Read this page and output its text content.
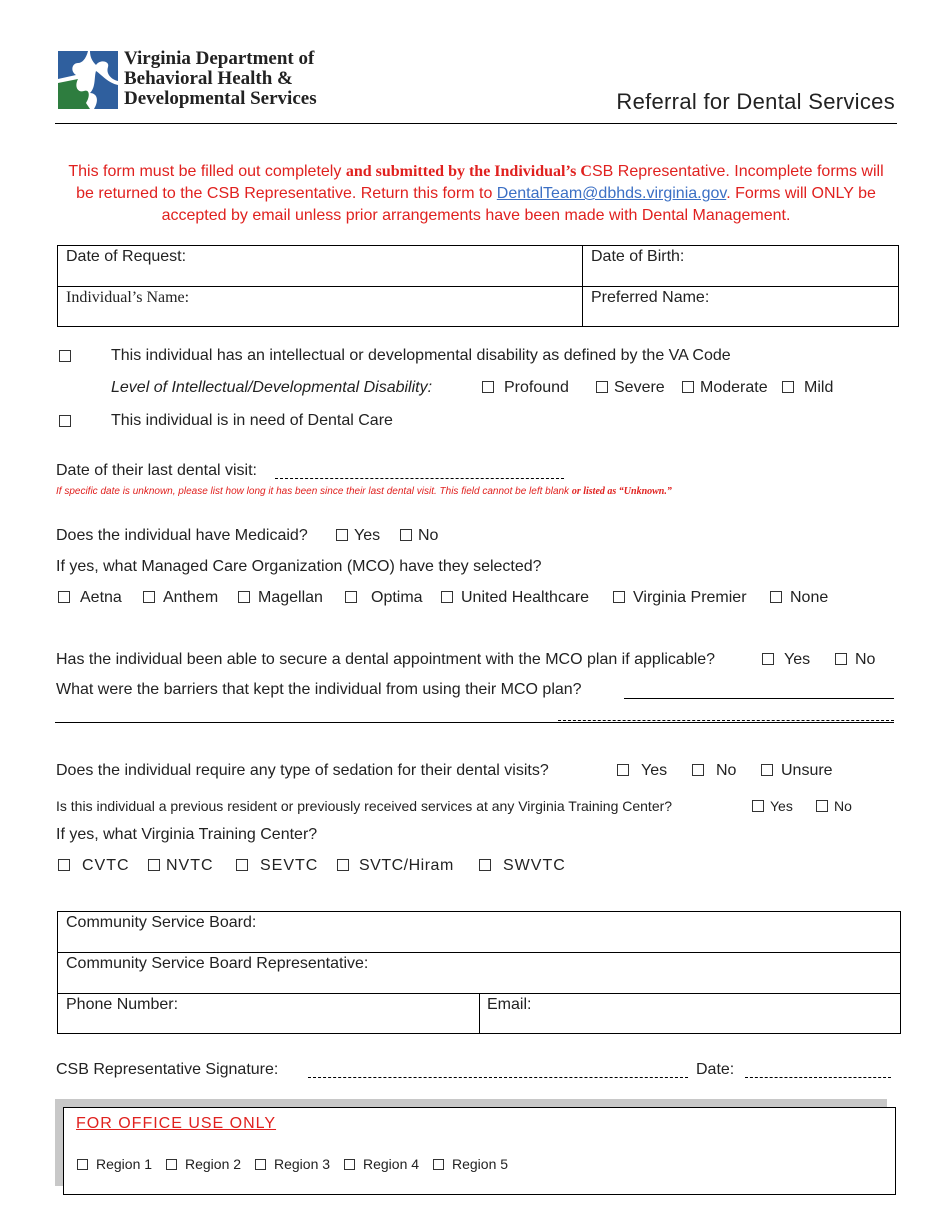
Virginia Department of
Behavioral Health &
Developmental Services	Referral for Dental Services
This form must be filled out completely and submitted by the Individual’s CSB Representative. Incomplete forms will be returned to the CSB Representative. Return this form to DentalTeam@dbhds.virginia.gov. Forms will ONLY be accepted by email unless prior arrangements have been made with Dental Management.
Date of Request:	Date of Birth:
Individual’s Name:	Preferred Name:
This individual has an intellectual or developmental disability as defined by the VA Code
Level of Intellectual/Developmental Disability:	Profound	Severe	Moderate	Mild
This individual is in need of Dental Care
Date of their last dental visit:
If specific date is unknown, please list how long it has been since their last dental visit. This field cannot be left blank or listed as “Unknown.”
Does the individual have Medicaid?	Yes	No
If yes, what Managed Care Organization (MCO) have they selected?
Aetna	Anthem	Magellan	Optima	United Healthcare	Virginia Premier	None
Has the individual been able to secure a dental appointment with the MCO plan if applicable?	Yes	No
What were the barriers that kept the individual from using their MCO plan?
Does the individual require any type of sedation for their dental visits?	Yes	No	Unsure
Is this individual a previous resident or previously received services at any Virginia Training Center?	Yes	No
If yes, what Virginia Training Center?
CVTC	NVTC	SEVTC	SVTC/Hiram	SWVTC
Community Service Board:
Community Service Board Representative:
Phone Number:	Email:
CSB Representative Signature:	Date:
FOR OFFICE USE ONLY
Region 1	Region 2	Region 3	Region 4	Region 5
